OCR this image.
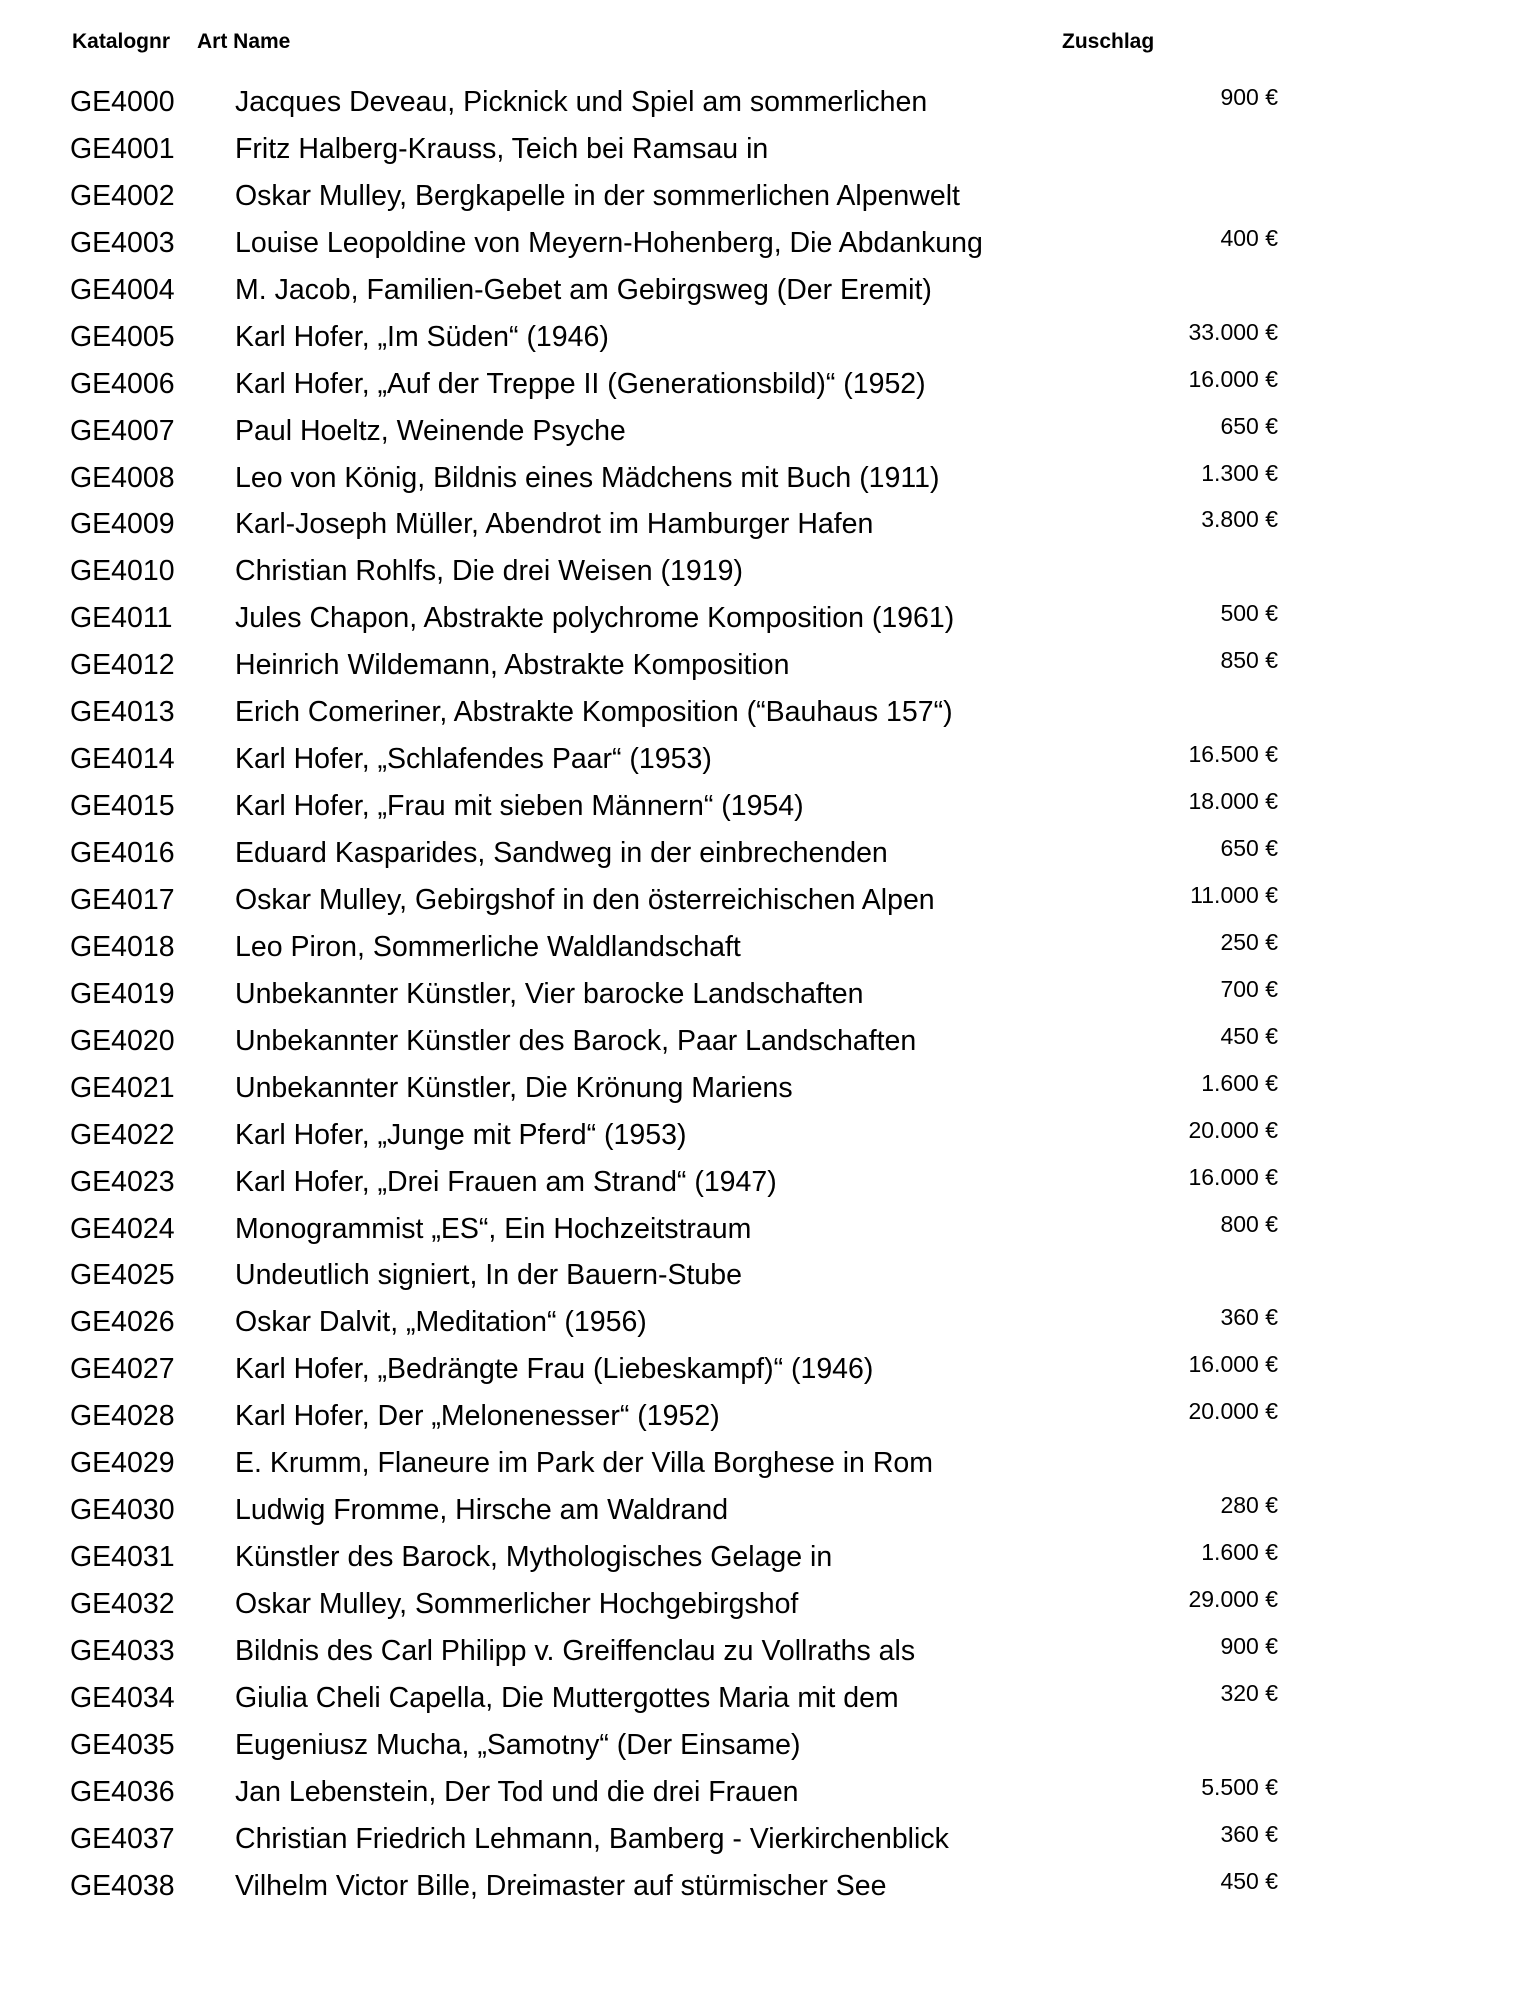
Katalognr Art Name	Zuschlag
GE4000 Jacques Deveau, Picknick und Spiel am sommerlichen	900 €
GE4001 Fritz Halberg-Krauss, Teich bei Ramsau in
GE4002 Oskar Mulley, Bergkapelle in der sommerlichen Alpenwelt
GE4003 Louise Leopoldine von Meyern-Hohenberg, Die Abdankung	400 €
GE4004 M. Jacob, Familien-Gebet am Gebirgsweg (Der Eremit)
GE4005 Karl Hofer, „Im Süden“ (1946)	33.000 €
GE4006 Karl Hofer, „Auf der Treppe II (Generationsbild)“ (1952)	16.000 €
GE4007 Paul Hoeltz, Weinende Psyche	650 €
GE4008 Leo von König, Bildnis eines Mädchens mit Buch (1911)	1.300 €
GE4009 Karl-Joseph Müller, Abendrot im Hamburger Hafen	3.800 €
GE4010 Christian Rohlfs, Die drei Weisen (1919)
GE4011 Jules Chapon, Abstrakte polychrome Komposition (1961)	500 €
GE4012 Heinrich Wildemann, Abstrakte Komposition	850 €
GE4013 Erich Comeriner, Abstrakte Komposition (“Bauhaus 157“)
GE4014 Karl Hofer, „Schlafendes Paar“ (1953)	16.500 €
GE4015 Karl Hofer, „Frau mit sieben Männern“ (1954)	18.000 €
GE4016 Eduard Kasparides, Sandweg in der einbrechenden	650 €
GE4017 Oskar Mulley, Gebirgshof in den österreichischen Alpen	11.000 €
GE4018 Leo Piron, Sommerliche Waldlandschaft	250 €
GE4019 Unbekannter Künstler, Vier barocke Landschaften	700 €
GE4020 Unbekannter Künstler des Barock, Paar Landschaften	450 €
GE4021 Unbekannter Künstler, Die Krönung Mariens	1.600 €
GE4022 Karl Hofer, „Junge mit Pferd“ (1953)	20.000 €
GE4023 Karl Hofer, „Drei Frauen am Strand“ (1947)	16.000 €
GE4024 Monogrammist „ES“, Ein Hochzeitstraum	800 €
GE4025 Undeutlich signiert, In der Bauern-Stube
GE4026 Oskar Dalvit, „Meditation“ (1956)	360 €
GE4027 Karl Hofer, „Bedrängte Frau (Liebeskampf)“ (1946)	16.000 €
GE4028 Karl Hofer, Der „Melonenesser“ (1952)	20.000 €
GE4029 E. Krumm, Flaneure im Park der Villa Borghese in Rom
GE4030 Ludwig Fromme, Hirsche am Waldrand	280 €
GE4031 Künstler des Barock, Mythologisches Gelage in	1.600 €
GE4032 Oskar Mulley, Sommerlicher Hochgebirgshof	29.000 €
GE4033 Bildnis des Carl Philipp v. Greiffenclau zu Vollraths als	900 €
GE4034 Giulia Cheli Capella, Die Muttergottes Maria mit dem	320 €
GE4035 Eugeniusz Mucha, „Samotny“ (Der Einsame)
GE4036 Jan Lebenstein, Der Tod und die drei Frauen	5.500 €
GE4037 Christian Friedrich Lehmann, Bamberg - Vierkirchenblick	360 €
GE4038 Vilhelm Victor Bille, Dreimaster auf stürmischer See	450 €
